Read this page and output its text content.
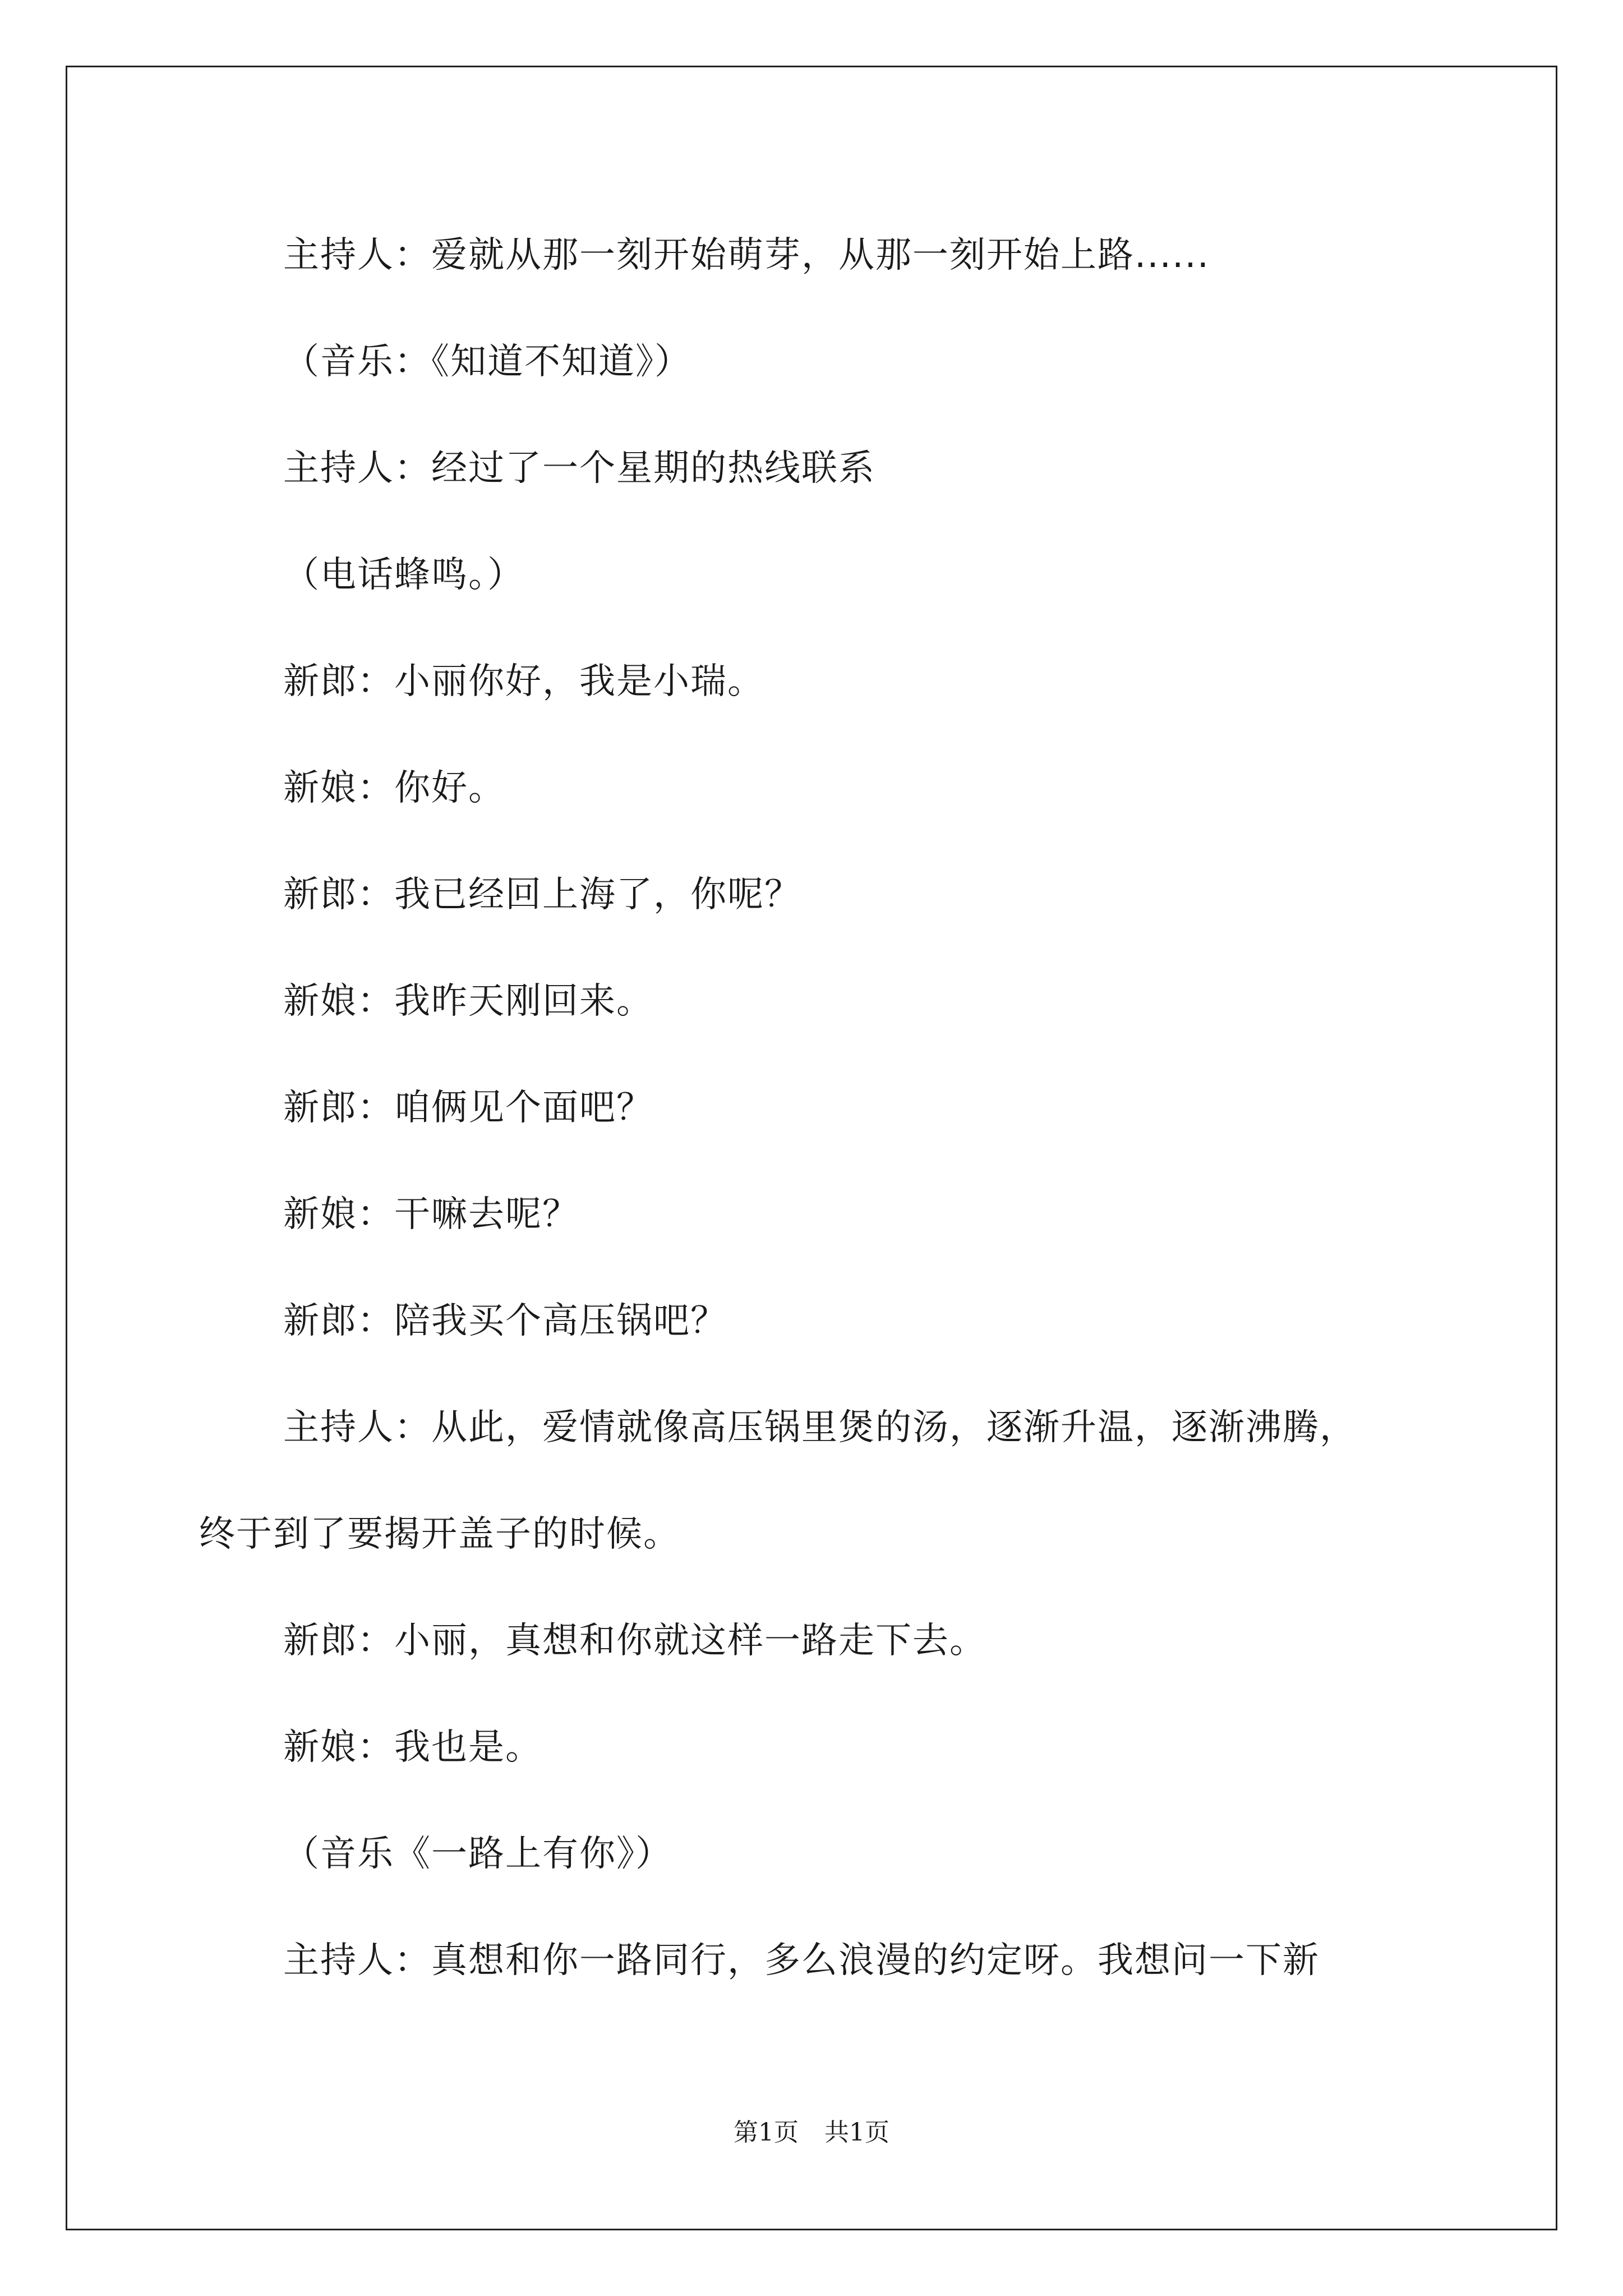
主持人：爱就从那一刻开始萌芽，从那一刻开始上路......
（音乐：《知道不知道》）
主持人：经过了一个星期的热线联系
（电话蜂鸣。）
新郎：小丽你好，我是小瑞。
新娘：你好。
新郎：我已经回上海了，你呢？
新娘：我昨天刚回来。
新郎：咱俩见个面吧？
新娘：干嘛去呢？
新郎：陪我买个高压锅吧？
主持人：从此，爱情就像高压锅里煲的汤，逐渐升温，逐渐沸腾，
终于到了要揭开盖子的时候。
新郎：小丽，真想和你就这样一路走下去。
新娘：我也是。
（音乐《一路上有你》）
主持人：真想和你一路同行，多么浪漫的约定呀。我想问一下新
第1页 共1页
